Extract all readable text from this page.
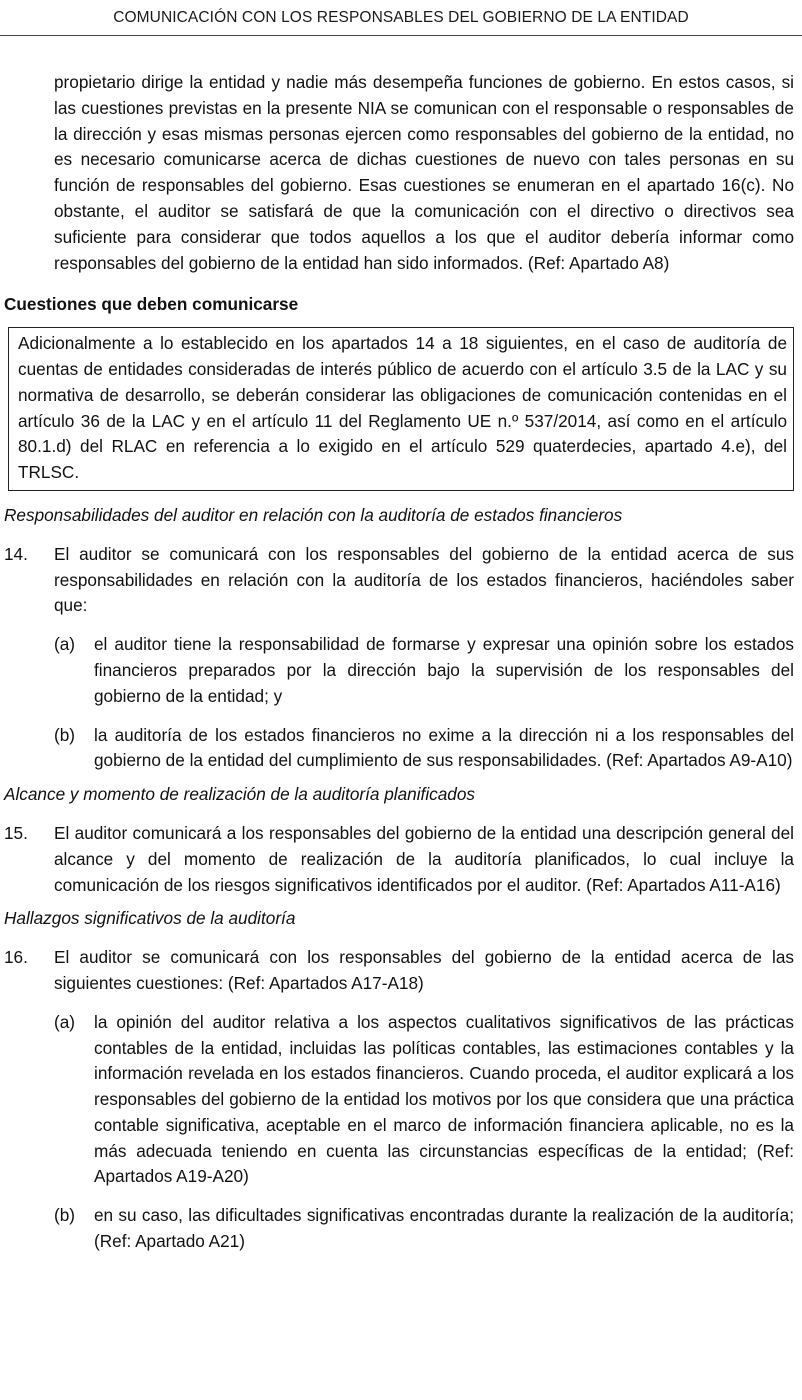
COMUNICACIÓN CON LOS RESPONSABLES DEL GOBIERNO DE LA ENTIDAD

propietario dirige la entidad y nadie más desempeña funciones de gobierno. En estos casos, si las cuestiones previstas en la presente NIA se comunican con el responsable o responsables de la dirección y esas mismas personas ejercen como responsables del gobierno de la entidad, no es necesario comunicarse acerca de dichas cuestiones de nuevo con tales personas en su función de responsables del gobierno. Esas cuestiones se enumeran en el apartado 16(c). No obstante, el auditor se satisfará de que la comunicación con el directivo o directivos sea suficiente para considerar que todos aquellos a los que el auditor debería informar como responsables del gobierno de la entidad han sido informados. (Ref: Apartado A8)

Cuestiones que deben comunicarse

Adicionalmente a lo establecido en los apartados 14 a 18 siguientes, en el caso de auditoría de cuentas de entidades consideradas de interés público de acuerdo con el artículo 3.5 de la LAC y su normativa de desarrollo, se deberán considerar las obligaciones de comunicación contenidas en el artículo 36 de la LAC y en el artículo 11 del Reglamento UE n.º 537/2014, así como en el artículo 80.1.d) del RLAC en referencia a lo exigido en el artículo 529 quaterdecies, apartado 4.e), del TRLSC.

Responsabilidades del auditor en relación con la auditoría de estados financieros

14.	El auditor se comunicará con los responsables del gobierno de la entidad acerca de sus responsabilidades en relación con la auditoría de los estados financieros, haciéndoles saber que:
(a)	el auditor tiene la responsabilidad de formarse y expresar una opinión sobre los estados financieros preparados por la dirección bajo la supervisión de los responsables del gobierno de la entidad; y
(b)	la auditoría de los estados financieros no exime a la dirección ni a los responsables del gobierno de la entidad del cumplimiento de sus responsabilidades. (Ref: Apartados A9-A10)

Alcance y momento de realización de la auditoría planificados

15.	El auditor comunicará a los responsables del gobierno de la entidad una descripción general del alcance y del momento de realización de la auditoría planificados, lo cual incluye la comunicación de los riesgos significativos identificados por el auditor. (Ref: Apartados A11-A16)

Hallazgos significativos de la auditoría

16.	El auditor se comunicará con los responsables del gobierno de la entidad acerca de las siguientes cuestiones: (Ref: Apartados A17-A18)
(a)	la opinión del auditor relativa a los aspectos cualitativos significativos de las prácticas contables de la entidad, incluidas las políticas contables, las estimaciones contables y la información revelada en los estados financieros. Cuando proceda, el auditor explicará a los responsables del gobierno de la entidad los motivos por los que considera que una práctica contable significativa, aceptable en el marco de información financiera aplicable, no es la más adecuada teniendo en cuenta las circunstancias específicas de la entidad; (Ref: Apartados A19-A20)
(b)	en su caso, las dificultades significativas encontradas durante la realización de la auditoría; (Ref: Apartado A21)
